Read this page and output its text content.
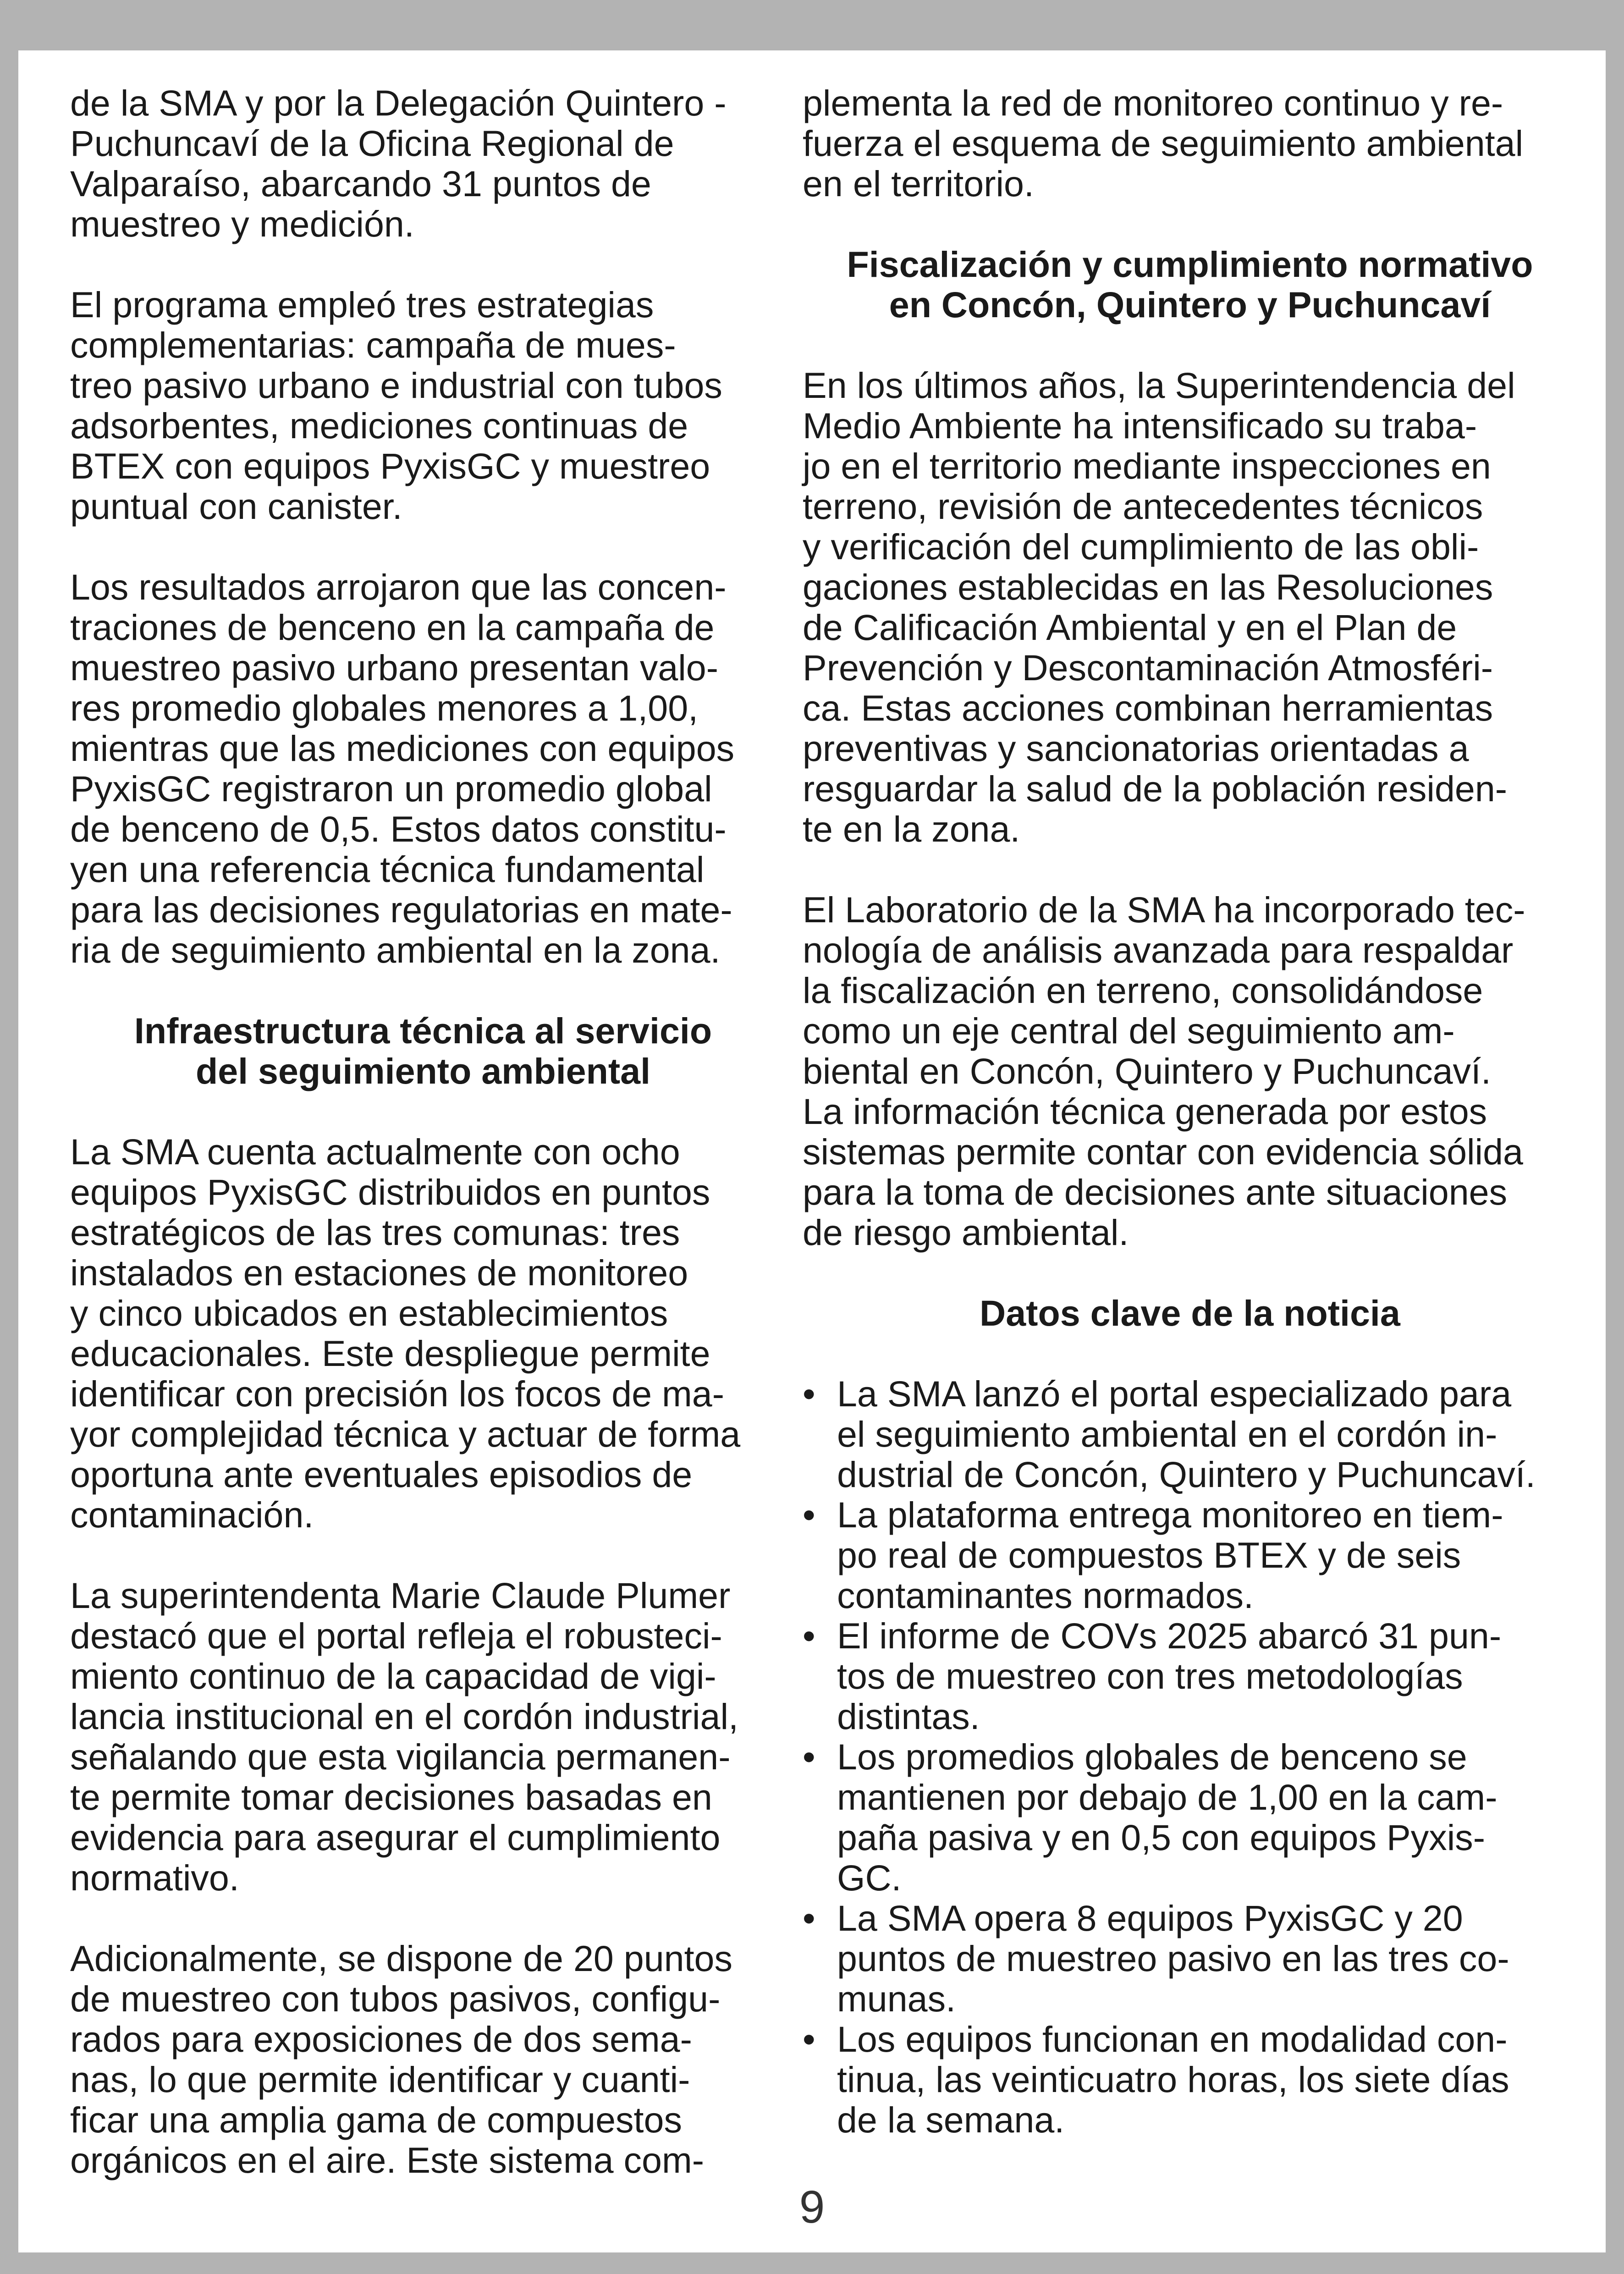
de la SMA y por la Delegación Quintero -
Puchuncaví de la Oficina Regional de
Valparaíso, abarcando 31 puntos de
muestreo y medición.
El programa empleó tres estrategias
complementarias: campaña de mues-
treo pasivo urbano e industrial con tubos
adsorbentes, mediciones continuas de
BTEX con equipos PyxisGC y muestreo
puntual con canister.
Los resultados arrojaron que las concen-
traciones de benceno en la campaña de
muestreo pasivo urbano presentan valo-
res promedio globales menores a 1,00,
mientras que las mediciones con equipos
PyxisGC registraron un promedio global
de benceno de 0,5. Estos datos constitu-
yen una referencia técnica fundamental
para las decisiones regulatorias en mate-
ria de seguimiento ambiental en la zona.
Infraestructura técnica al servicio
del seguimiento ambiental
La SMA cuenta actualmente con ocho
equipos PyxisGC distribuidos en puntos
estratégicos de las tres comunas: tres
instalados en estaciones de monitoreo
y cinco ubicados en establecimientos
educacionales. Este despliegue permite
identificar con precisión los focos de ma-
yor complejidad técnica y actuar de forma
oportuna ante eventuales episodios de
contaminación.
La superintendenta Marie Claude Plumer
destacó que el portal refleja el robusteci-
miento continuo de la capacidad de vigi-
lancia institucional en el cordón industrial,
señalando que esta vigilancia permanen-
te permite tomar decisiones basadas en
evidencia para asegurar el cumplimiento
normativo.
Adicionalmente, se dispone de 20 puntos
de muestreo con tubos pasivos, configu-
rados para exposiciones de dos sema-
nas, lo que permite identificar y cuanti-
ficar una amplia gama de compuestos
orgánicos en el aire. Este sistema com-
plementa la red de monitoreo continuo y re-
fuerza el esquema de seguimiento ambiental
en el territorio.
Fiscalización y cumplimiento normativo
en Concón, Quintero y Puchuncaví
En los últimos años, la Superintendencia del
Medio Ambiente ha intensificado su traba-
jo en el territorio mediante inspecciones en
terreno, revisión de antecedentes técnicos
y verificación del cumplimiento de las obli-
gaciones establecidas en las Resoluciones
de Calificación Ambiental y en el Plan de
Prevención y Descontaminación Atmosféri-
ca. Estas acciones combinan herramientas
preventivas y sancionatorias orientadas a
resguardar la salud de la población residen-
te en la zona.
El Laboratorio de la SMA ha incorporado tec-
nología de análisis avanzada para respaldar
la fiscalización en terreno, consolidándose
como un eje central del seguimiento am-
biental en Concón, Quintero y Puchuncaví.
La información técnica generada por estos
sistemas permite contar con evidencia sólida
para la toma de decisiones ante situaciones
de riesgo ambiental.
Datos clave de la noticia
• La SMA lanzó el portal especializado para
el seguimiento ambiental en el cordón in-
dustrial de Concón, Quintero y Puchuncaví.
• La plataforma entrega monitoreo en tiem-
po real de compuestos BTEX y de seis
contaminantes normados.
• El informe de COVs 2025 abarcó 31 pun-
tos de muestreo con tres metodologías
distintas.
• Los promedios globales de benceno se
mantienen por debajo de 1,00 en la cam-
paña pasiva y en 0,5 con equipos Pyxis-
GC.
• La SMA opera 8 equipos PyxisGC y 20
puntos de muestreo pasivo en las tres co-
munas.
• Los equipos funcionan en modalidad con-
tinua, las veinticuatro horas, los siete días
de la semana.
9
